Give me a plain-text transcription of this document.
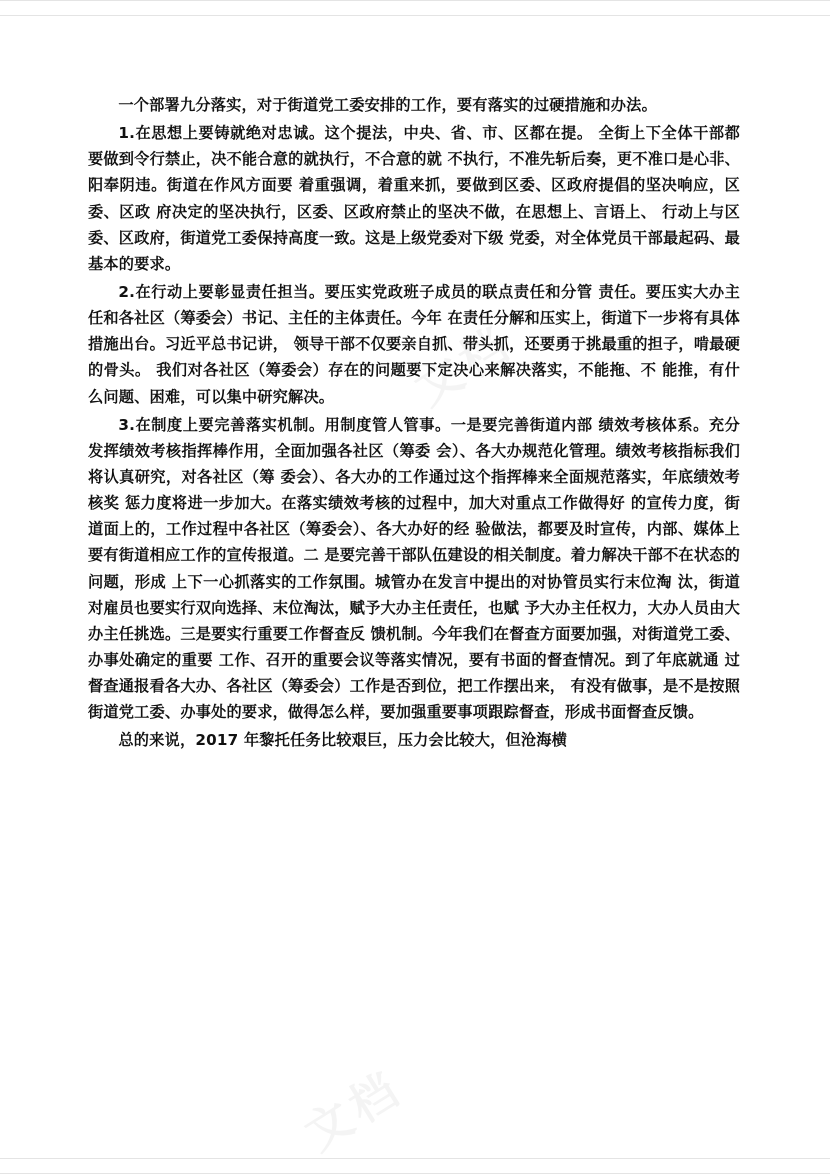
一个部署九分落实，对于街道党工委安排的工作，要有落实的过硬措施和办法。

1.在思想上要铸就绝对忠诚。这个提法，中央、省、市、区都在提。 全街上下全体干部都要做到令行禁止，决不能合意的就执行，不合意的就 不执行，不准先斩后奏，更不准口是心非、阳奉阴违。街道在作风方面要 着重强调，着重来抓，要做到区委、区政府提倡的坚决响应，区委、区政 府决定的坚决执行，区委、区政府禁止的坚决不做，在思想上、言语上、 行动上与区委、区政府，街道党工委保持高度一致。这是上级党委对下级 党委，对全体党员干部最起码、最基本的要求。

2.在行动上要彰显责任担当。要压实党政班子成员的联点责任和分管 责任。要压实大办主任和各社区（筹委会）书记、主任的主体责任。今年 在责任分解和压实上，街道下一步将有具体措施出台。习近平总书记讲， 领导干部不仅要亲自抓、带头抓，还要勇于挑最重的担子，啃最硬的骨头。 我们对各社区（筹委会）存在的问题要下定决心来解决落实，不能拖、不 能推，有什么问题、困难，可以集中研究解决。

3.在制度上要完善落实机制。用制度管人管事。一是要完善街道内部 绩效考核体系。充分发挥绩效考核指挥棒作用，全面加强各社区（筹委 会）、各大办规范化管理。绩效考核指标我们将认真研究，对各社区（筹 委会）、各大办的工作通过这个指挥棒来全面规范落实，年底绩效考核奖 惩力度将进一步加大。在落实绩效考核的过程中，加大对重点工作做得好 的宣传力度，街道面上的，工作过程中各社区（筹委会）、各大办好的经 验做法，都要及时宣传，内部、媒体上要有街道相应工作的宣传报道。二 是要完善干部队伍建设的相关制度。着力解决干部不在状态的问题，形成 上下一心抓落实的工作氛围。城管办在发言中提出的对协管员实行末位淘 汰，街道对雇员也要实行双向选择、末位淘汰，赋予大办主任责任，也赋 予大办主任权力，大办人员由大办主任挑选。三是要实行重要工作督查反 馈机制。今年我们在督查方面要加强，对街道党工委、办事处确定的重要 工作、召开的重要会议等落实情况，要有书面的督查情况。到了年底就通 过督查通报看各大办、各社区（筹委会）工作是否到位，把工作摆出来， 有没有做事，是不是按照街道党工委、办事处的要求，做得怎么样，要加强重要事项跟踪督查，形成书面督查反馈。

总的来说，2017 年黎托任务比较艰巨，压力会比较大，但沧海横
